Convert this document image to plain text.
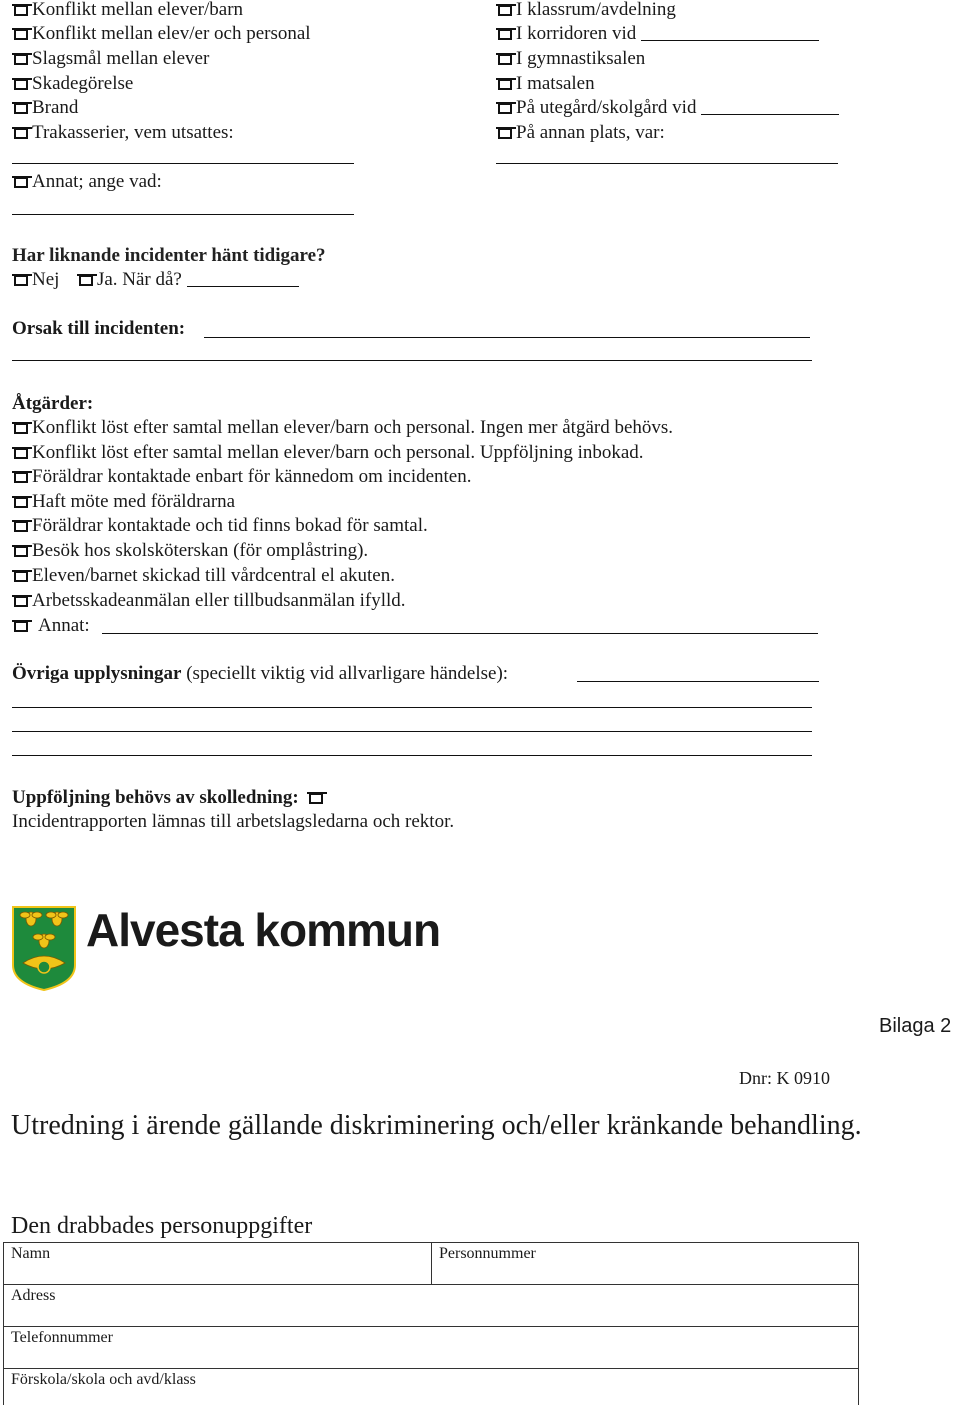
Konflikt mellan elever/barn
Konflikt mellan elev/er och personal
Slagsmål mellan elever
Skadegörelse
Brand
Trakasserier, vem utsattes:
Annat; ange vad:
I klassrum/avdelning
I korridoren vid
I gymnastiksalen
I matsalen
På utegård/skolgård vid
På annan plats, var:
Har liknande incidenter hänt tidigare?
Nej Ja. När då?
Orsak till incidenten:
Åtgärder:
Konflikt löst efter samtal mellan elever/barn och personal. Ingen mer åtgärd behövs.
Konflikt löst efter samtal mellan elever/barn och personal. Uppföljning inbokad.
Föräldrar kontaktade enbart för kännedom om incidenten.
Haft möte med föräldrarna
Föräldrar kontaktade och tid finns bokad för samtal.
Besök hos skolsköterskan (för omplåstring).
Eleven/barnet skickad till vårdcentral el akuten.
Arbetsskadeanmälan eller tillbudsanmälan ifylld.
Annat:
Övriga upplysningar (speciellt viktig vid allvarligare händelse):
Uppföljning behövs av skolledning:
Incidentrapporten lämnas till arbetslagsledarna och rektor.
Alvesta kommun
Bilaga 2
Dnr: K 0910
Utredning i ärende gällande diskriminering och/eller kränkande behandling.
Den drabbades personuppgifter
Namn	Personnummer
Adress
Telefonnummer
Förskola/skola och avd/klass
